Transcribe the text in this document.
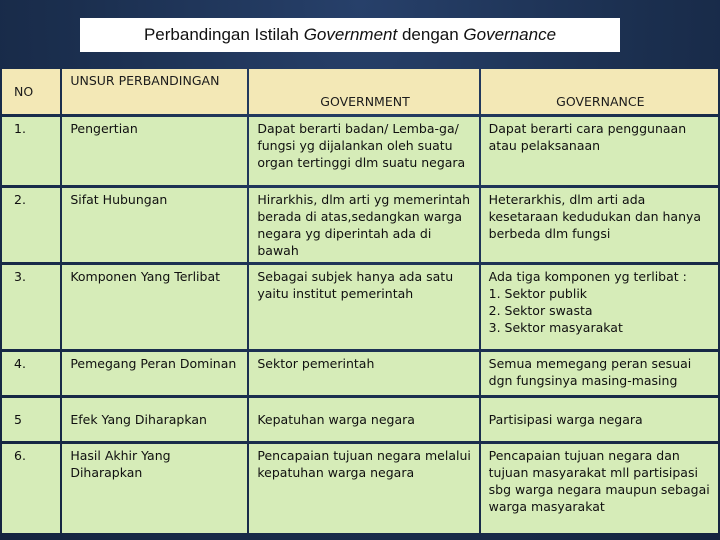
Perbandingan Istilah Government dengan Governance
NO	UNSUR PERBANDINGAN	GOVERNMENT	GOVERNANCE
1.	Pengertian	Dapat berarti badan/ Lemba-ga/ fungsi yg dijalankan oleh suatu organ tertinggi dlm suatu negara	Dapat berarti cara penggunaan atau pelaksanaan

2.	Sifat Hubungan	Hirarkhis, dlm arti yg memerintah berada di atas,sedangkan warga negara yg diperintah ada di bawah	Heterarkhis, dlm arti ada kesetaraan kedudukan dan hanya berbeda dlm fungsi

3.	Komponen Yang Terlibat	Sebagai subjek hanya ada satu yaitu institut pemerintah	Ada tiga komponen yg terlibat :
1. Sektor publik
2. Sektor swasta
3. Sektor masyarakat

4.	Pemegang Peran Dominan	Sektor pemerintah	Semua memegang peran sesuai dgn fungsinya masing-masing

5	Efek Yang Diharapkan	Kepatuhan warga negara	Partisipasi warga negara

6.	Hasil Akhir Yang Diharapkan	Pencapaian tujuan negara melalui kepatuhan warga negara	Pencapaian tujuan negara dan tujuan masyarakat mll partisipasi sbg warga negara maupun sebagai warga masyarakat
